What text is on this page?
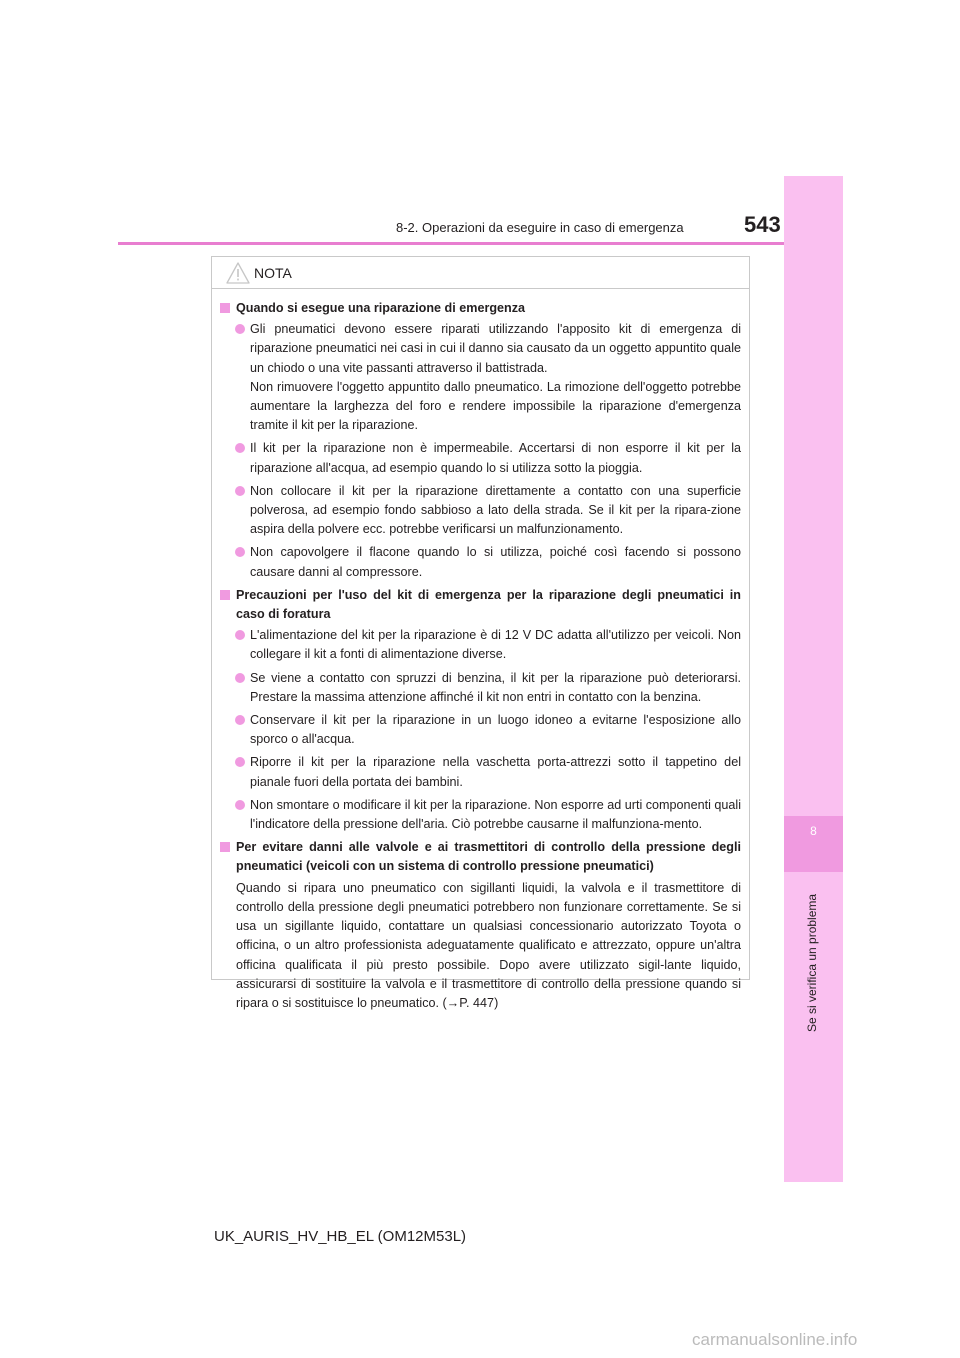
8-2. Operazioni da eseguire in caso di emergenza	543
8
Se si verifica un problema
NOTA
Quando si esegue una riparazione di emergenza
Gli pneumatici devono essere riparati utilizzando l'apposito kit di emergenza di riparazione pneumatici nei casi in cui il danno sia causato da un oggetto appuntito quale un chiodo o una vite passanti attraverso il battistrada.
Non rimuovere l'oggetto appuntito dallo pneumatico. La rimozione dell'oggetto potrebbe aumentare la larghezza del foro e rendere impossibile la riparazione d'emergenza tramite il kit per la riparazione.
Il kit per la riparazione non è impermeabile. Accertarsi di non esporre il kit per la riparazione all'acqua, ad esempio quando lo si utilizza sotto la pioggia.
Non collocare il kit per la riparazione direttamente a contatto con una superficie polverosa, ad esempio fondo sabbioso a lato della strada. Se il kit per la ripara-zione aspira della polvere ecc. potrebbe verificarsi un malfunzionamento.
Non capovolgere il flacone quando lo si utilizza, poiché così facendo si possono causare danni al compressore.
Precauzioni per l'uso del kit di emergenza per la riparazione degli pneumatici in caso di foratura
L'alimentazione del kit per la riparazione è di 12 V DC adatta all'utilizzo per veicoli. Non collegare il kit a fonti di alimentazione diverse.
Se viene a contatto con spruzzi di benzina, il kit per la riparazione può deteriorarsi. Prestare la massima attenzione affinché il kit non entri in contatto con la benzina.
Conservare il kit per la riparazione in un luogo idoneo a evitarne l'esposizione allo sporco o all'acqua.
Riporre il kit per la riparazione nella vaschetta porta-attrezzi sotto il tappetino del pianale fuori della portata dei bambini.
Non smontare o modificare il kit per la riparazione. Non esporre ad urti componenti quali l'indicatore della pressione dell'aria. Ciò potrebbe causarne il malfunziona-mento.
Per evitare danni alle valvole e ai trasmettitori di controllo della pressione degli pneumatici (veicoli con un sistema di controllo pressione pneumatici)
Quando si ripara uno pneumatico con sigillanti liquidi, la valvola e il trasmettitore di controllo della pressione degli pneumatici potrebbero non funzionare correttamente. Se si usa un sigillante liquido, contattare un qualsiasi concessionario autorizzato Toyota o officina, o un altro professionista adeguatamente qualificato e attrezzato, oppure un'altra officina qualificata il più presto possibile. Dopo avere utilizzato sigil-lante liquido, assicurarsi di sostituire la valvola e il trasmettitore di controllo della pressione quando si ripara o si sostituisce lo pneumatico. (→P. 447)
UK_AURIS_HV_HB_EL (OM12M53L)
carmanualsonline.info
